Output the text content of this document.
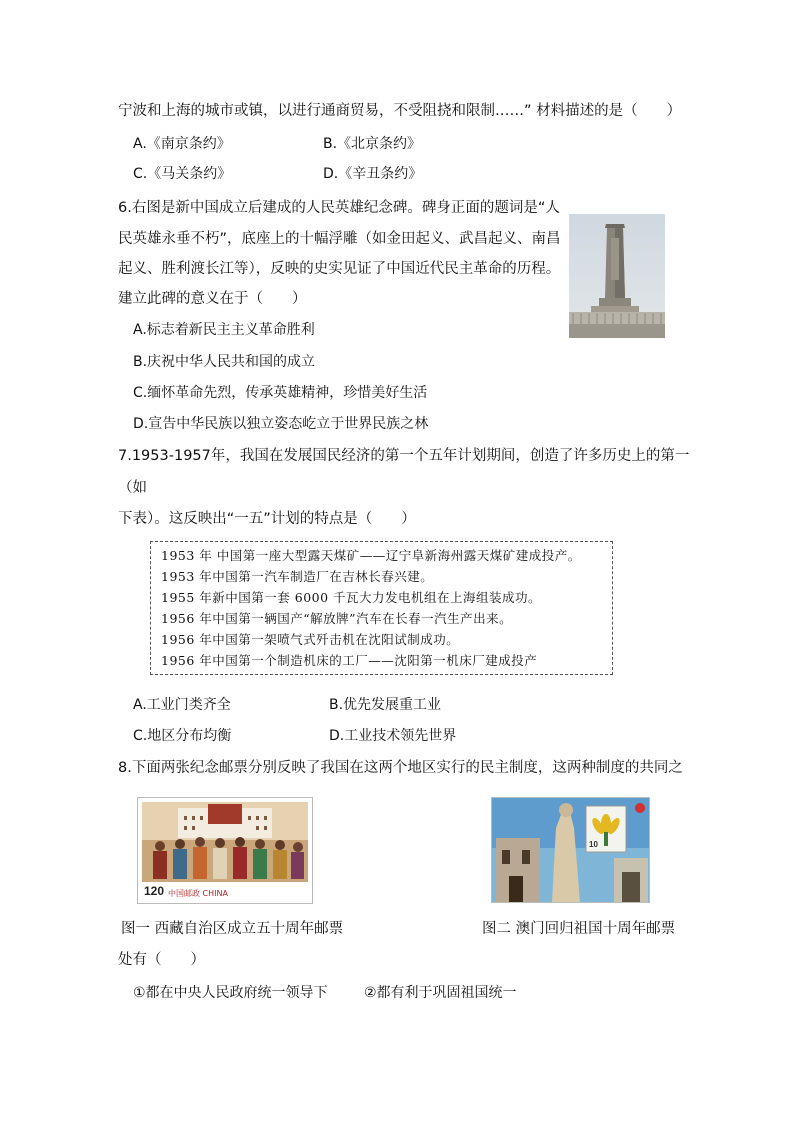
宁波和上海的城市或镇，以进行通商贸易，不受阻挠和限制……” 材料描述的是（　　）
A.《南京条约》	B.《北京条约》
C.《马关条约》	D.《辛丑条约》
6.右图是新中国成立后建成的人民英雄纪念碑。碑身正面的题词是“人
民英雄永垂不朽”，底座上的十幅浮雕（如金田起义、武昌起义、南昌
起义、胜利渡长江等），反映的史实见证了中国近代民主革命的历程。
建立此碑的意义在于（　　）
A.标志着新民主主义革命胜利
B.庆祝中华人民共和国的成立
C.缅怀革命先烈，传承英雄精神，珍惜美好生活
D.宣告中华民族以独立姿态屹立于世界民族之林
7.1953-1957年，我国在发展国民经济的第一个五年计划期间，创造了许多历史上的第一
（如
下表）。这反映出“一五”计划的特点是（　　）
1953 年 中国第一座大型露天煤矿——辽宁阜新海州露天煤矿建成投产。
1953 年中国第一汽车制造厂在吉林长春兴建。
1955 年新中国第一套 6000 千瓦大力发电机组在上海组装成功。
1956 年中国第一辆国产“解放牌”汽车在长春一汽生产出来。
1956 年中国第一架喷气式歼击机在沈阳试制成功。
1956 年中国第一个制造机床的工厂——沈阳第一机床厂建成投产
A.工业门类齐全	B.优先发展重工业
C.地区分布均衡	D.工业技术领先世界
8.下面两张纪念邮票分别反映了我国在这两个地区实行的民主制度，这两种制度的共同之
120 中国邮政 CHINA
10
图一 西藏自治区成立五十周年邮票	图二 澳门回归祖国十周年邮票
处有（　　）
①都在中央人民政府统一领导下	②都有利于巩固祖国统一
